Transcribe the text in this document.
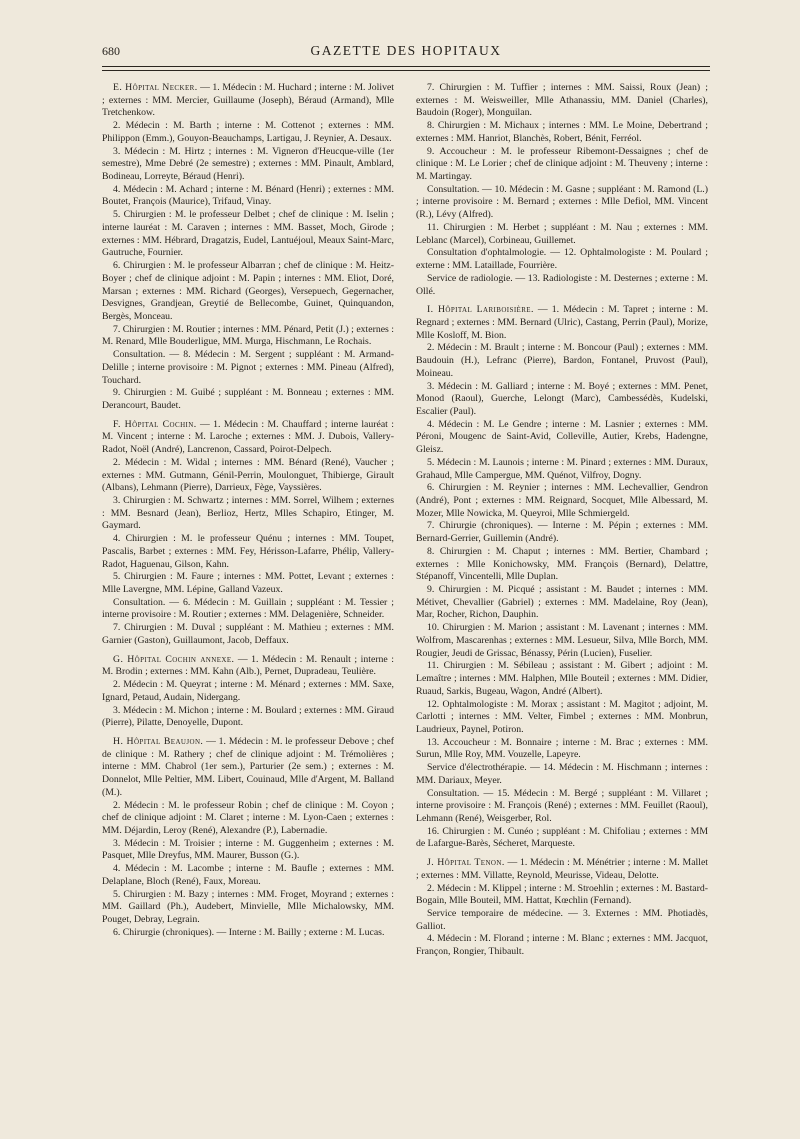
680	GAZETTE DES HOPITAUX

E. Hôpital Necker. — 1. Médecin : M. Huchard ; interne : M. Jolivet ; externes : MM. Mercier, Guillaume (Joseph), Béraud (Armand), Mlle Tretchenkow.

2. Médecin : M. Barth ; interne : M. Cottenot ; externes : MM. Philippon (Emm.), Gouyon-Beauchamps, Lartigau, J. Reynier, A. Desaux.

3. Médecin : M. Hirtz ; internes : M. Vigneron d'Heucque-ville (1er semestre), Mme Debré (2e semestre) ; externes : MM. Pinault, Amblard, Bodineau, Lorreyte, Béraud (Henri).

4. Médecin : M. Achard ; interne : M. Bénard (Henri) ; externes : MM. Boutet, François (Maurice), Trifaud, Vinay.

5. Chirurgien : M. le professeur Delbet ; chef de clinique : M. Iselin ; interne lauréat : M. Caraven ; internes : MM. Basset, Moch, Girode ; externes : MM. Hébrard, Dragatzis, Eudel, Lantuéjoul, Meaux Saint-Marc, Gautruche, Fournier.

6. Chirurgien : M. le professeur Albarran ; chef de clinique : M. Heitz-Boyer ; chef de clinique adjoint : M. Papin ; internes : MM. Eliot, Doré, Marsan ; externes : MM. Richard (Georges), Versepuech, Gegernacher, Desvignes, Grandjean, Greytié de Bellecombe, Guinet, Quinquandon, Bergès, Monceau.

7. Chirurgien : M. Routier ; internes : MM. Pénard, Petit (J.) ; externes : M. Renard, Mlle Bouderligue, MM. Murga, Hischmann, Le Rochais.

Consultation. — 8. Médecin : M. Sergent ; suppléant : M. Armand-Delille ; interne provisoire : M. Pignot ; externes : MM. Pineau (Alfred), Touchard.

9. Chirurgien : M. Guibé ; suppléant : M. Bonneau ; externes : MM. Derancourt, Baudet.

F. Hôpital Cochin. — 1. Médecin : M. Chauffard ; interne lauréat : M. Vincent ; interne : M. Laroche ; externes : MM. J. Dubois, Vallery-Radot, Noël (André), Lancrenon, Cassard, Poirot-Delpech.

2. Médecin : M. Widal ; internes : MM. Bénard (René), Vaucher ; externes : MM. Gutmann, Génil-Perrin, Moulonguet, Thibierge, Girault (Albans), Lehmann (Pierre), Darrieux, Fège, Vayssières.

3. Chirurgien : M. Schwartz ; internes : MM. Sorrel, Wilhem ; externes : MM. Besnard (Jean), Berlioz, Hertz, Mlles Schapiro, Etinger, M. Gaymard.

4. Chirurgien : M. le professeur Quénu ; internes : MM. Toupet, Pascalis, Barbet ; externes : MM. Fey, Hérisson-Lafarre, Phélip, Vallery-Radot, Haguenau, Gilson, Kahn.

5. Chirurgien : M. Faure ; internes : MM. Pottet, Levant ; externes : Mlle Lavergne, MM. Lépine, Galland Vazeux.

Consultation. — 6. Médecin : M. Guillain ; suppléant : M. Tessier ; interne provisoire : M. Routier ; externes : MM. Delagenière, Schneider.

7. Chirurgien : M. Duval ; suppléant : M. Mathieu ; externes : MM. Garnier (Gaston), Guillaumont, Jacob, Deffaux.

G. Hôpital Cochin annexe. — 1. Médecin : M. Renault ; interne : M. Brodin ; externes : MM. Kahn (Alb.), Pernet, Dupradeau, Teulière.

2. Médecin : M. Queyrat ; interne : M. Ménard ; externes : MM. Saxe, Ignard, Petaud, Audain, Nidergang.

3. Médecin : M. Michon ; interne : M. Boulard ; externes : MM. Giraud (Pierre), Pilatte, Denoyelle, Dupont.

H. Hôpital Beaujon. — 1. Médecin : M. le professeur Debove ; chef de clinique : M. Rathery ; chef de clinique adjoint : M. Trémolières ; interne : MM. Chabrol (1er sem.), Parturier (2e sem.) ; externes : M. Donnelot, Mlle Peltier, MM. Libert, Couinaud, Mlle d'Argent, M. Balland (M.).

2. Médecin : M. le professeur Robin ; chef de clinique : M. Coyon ; chef de clinique adjoint : M. Claret ; interne : M. Lyon-Caen ; externes : MM. Déjardin, Leroy (René), Alexandre (P.), Labernadie.

3. Médecin : M. Troisier ; interne : M. Guggenheim ; externes : M. Pasquet, Mlle Dreyfus, MM. Maurer, Busson (G.).

4. Médecin : M. Lacombe ; interne : M. Baufle ; externes : MM. Delaplane, Bloch (René), Faux, Moreau.

5. Chirurgien : M. Bazy ; internes : MM. Froget, Moyrand ; externes : MM. Gaillard (Ph.), Audebert, Minvielle, Mlle Michalowsky, MM. Pouget, Debray, Legrain.

6. Chirurgie (chroniques). — Interne : M. Bailly ; externe : M. Lucas.

7. Chirurgien : M. Tuffier ; internes : MM. Saissi, Roux (Jean) ; externes : M. Weisweiller, Mlle Athanassiu, MM. Daniel (Charles), Baudoin (Roger), Monguilan.

8. Chirurgien : M. Michaux ; internes : MM. Le Moine, Debertrand ; externes : MM. Hanriot, Blanchès, Robert, Bénit, Ferréol.

9. Accoucheur : M. le professeur Ribemont-Dessaignes ; chef de clinique : M. Le Lorier ; chef de clinique adjoint : M. Theuveny ; interne : M. Martingay.

Consultation. — 10. Médecin : M. Gasne ; suppléant : M. Ramond (L.) ; interne provisoire : M. Bernard ; externes : Mlle Defiol, MM. Vincent (R.), Lévy (Alfred).

11. Chirurgien : M. Herbet ; suppléant : M. Nau ; externes : MM. Leblanc (Marcel), Corbineau, Guillemet.

Consultation d'ophtalmologie. — 12. Ophtalmologiste : M. Poulard ; externe : MM. Lataillade, Fourrière.

Service de radiologie. — 13. Radiologiste : M. Desternes ; externe : M. Ollé.

I. Hôpital Lariboisière. — 1. Médecin : M. Tapret ; interne : M. Regnard ; externes : MM. Bernard (Ulric), Castang, Perrin (Paul), Morize, Mlle Kosloff, M. Bion.

2. Médecin : M. Brault ; interne : M. Boncour (Paul) ; externes : MM. Baudouin (H.), Lefranc (Pierre), Bardon, Fontanel, Pruvost (Paul), Moineau.

3. Médecin : M. Galliard ; interne : M. Boyé ; externes : MM. Penet, Monod (Raoul), Guerche, Lelongt (Marc), Cambessédès, Kudelski, Escalier (Paul).

4. Médecin : M. Le Gendre ; interne : M. Lasnier ; externes : MM. Péroni, Mougenc de Saint-Avid, Colleville, Autier, Krebs, Hadengne, Gleisz.

5. Médecin : M. Launois ; interne : M. Pinard ; externes : MM. Duraux, Grahaud, Mlle Campergue, MM. Quénot, Vilfroy, Dogny.

6. Chirurgien : M. Reynier ; internes : MM. Lechevallier, Gendron (André), Pont ; externes : MM. Reignard, Socquet, Mlle Albessard, M. Mozer, Mlle Nowicka, M. Queyroi, Mlle Schmiergeld.

7. Chirurgie (chroniques). — Interne : M. Pépin ; externes : MM. Bernard-Gerrier, Guillemin (André).

8. Chirurgien : M. Chaput ; internes : MM. Bertier, Chambard ; externes : Mlle Konichowsky, MM. François (Bernard), Delattre, Stépanoff, Vincentelli, Mlle Duplan.

9. Chirurgien : M. Picqué ; assistant : M. Baudet ; internes : MM. Métivet, Chevallier (Gabriel) ; externes : MM. Madelaine, Roy (Jean), Mar, Rocher, Richon, Dauphin.

10. Chirurgien : M. Marion ; assistant : M. Lavenant ; internes : MM. Wolfrom, Mascarenhas ; externes : MM. Lesueur, Silva, Mlle Borch, MM. Rougier, Jeudi de Grissac, Bénassy, Périn (Lucien), Fuselier.

11. Chirurgien : M. Sébileau ; assistant : M. Gibert ; adjoint : M. Lemaître ; internes : MM. Halphen, Mlle Bouteil ; externes : MM. Didier, Ruaud, Sarkis, Bugeau, Wagon, André (Albert).

12. Ophtalmologiste : M. Morax ; assistant : M. Magitot ; adjoint, M. Carlotti ; internes : MM. Velter, Fimbel ; externes : MM. Monbrun, Laudrieux, Paynel, Potiron.

13. Accoucheur : M. Bonnaire ; interne : M. Brac ; externes : MM. Surun, Mlle Roy, MM. Vouzelle, Lapeyre.

Service d'électrothérapie. — 14. Médecin : M. Hischmann ; internes : MM. Dariaux, Meyer.

Consultation. — 15. Médecin : M. Bergé ; suppléant : M. Villaret ; interne provisoire : M. François (René) ; externes : MM. Feuillet (Raoul), Lehmann (René), Weisgerber, Rol.

16. Chirurgien : M. Cunéo ; suppléant : M. Chifoliau ; externes : MM de Lafargue-Barès, Sécheret, Marqueste.

J. Hôpital Tenon. — 1. Médecin : M. Ménétrier ; interne : M. Mallet ; externes : MM. Villatte, Reynold, Meurisse, Videau, Delotte.

2. Médecin : M. Klippel ; interne : M. Stroehlin ; externes : M. Bastard-Bogain, Mlle Bouteil, MM. Hattat, Kœchlin (Fernand).

Service temporaire de médecine. — 3. Externes : MM. Photiadès, Galliot.

4. Médecin : M. Florand ; interne : M. Blanc ; externes : MM. Jacquot, Françon, Rongier, Thibault.
